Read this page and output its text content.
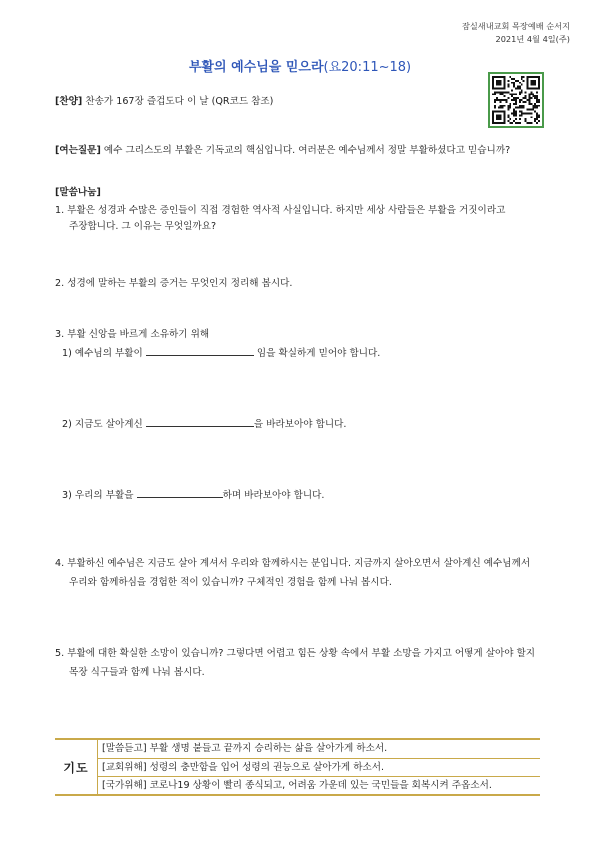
잠실새내교회 목장예배 순서지
2021년 4월 4일(주)
부활의 예수님을 믿으라(요20:11~18)
[찬양] 찬송가 167장 즐겁도다 이 날 (QR코드 참조)
[여는질문] 예수 그리스도의 부활은 기독교의 핵심입니다. 여러분은 예수님께서 정말 부활하셨다고 믿습니까?
[말씀나눔]
1. 부활은 성경과 수많은 증인들이 직접 경험한 역사적 사실입니다. 하지만 세상 사람들은 부활을 거짓이라고
주장합니다. 그 이유는 무엇일까요?
2. 성경에 말하는 부활의 증거는 무엇인지 정리해 봅시다.
3. 부활 신앙을 바르게 소유하기 위해
1) 예수님의 부활이	임을 확실하게 믿어야 합니다.
2) 지금도 살아계신	을 바라보아야 합니다.
3) 우리의 부활을	하며 바라보아야 합니다.
4. 부활하신 예수님은 지금도 살아 계셔서 우리와 함께하시는 분입니다. 지금까지 살아오면서 살아계신 예수님께서
우리와 함께하심을 경험한 적이 있습니까? 구체적인 경험을 함께 나눠 봅시다.
5. 부활에 대한 확실한 소망이 있습니까? 그렇다면 어렵고 힘든 상황 속에서 부활 소망을 가지고 어떻게 살아야 할지
목장 식구들과 함께 나눠 봅시다.
기도
[말씀듣고] 부활 생명 붙들고 끝까지 승리하는 삶을 살아가게 하소서.
[교회위해] 성령의 충만함을 입어 성령의 권능으로 살아가게 하소서.
[국가위해] 코로나19 상황이 빨리 종식되고, 어려움 가운데 있는 국민들을 회복시켜 주옵소서.
